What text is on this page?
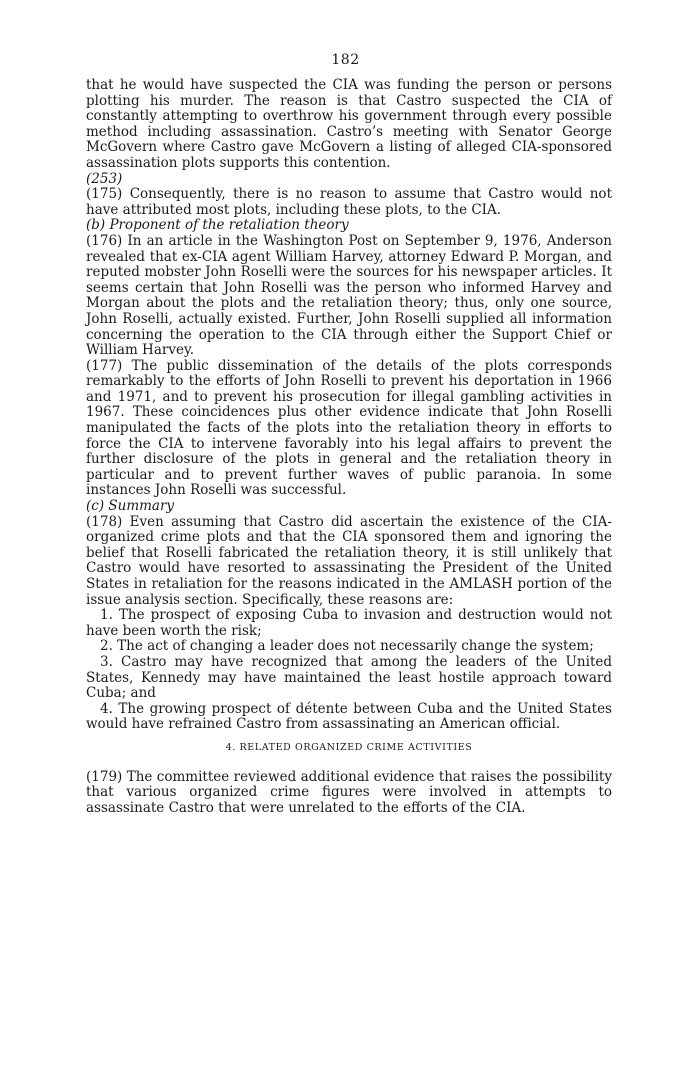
182

that he would have suspected the CIA was funding the person or persons plotting his murder. The reason is that Castro suspected the CIA of constantly attempting to overthrow his government through every possible method including assassination. Castro’s meeting with Senator George McGovern where Castro gave McGovern a listing of alleged CIA-sponsored assassination plots supports this contention.

(253)

(175) Consequently, there is no reason to assume that Castro would not have attributed most plots, including these plots, to the CIA.

(b) Proponent of the retaliation theory

(176) In an article in the Washington Post on September 9, 1976, Anderson revealed that ex-CIA agent William Harvey, attorney Edward P. Morgan, and reputed mobster John Roselli were the sources for his newspaper articles. It seems certain that John Roselli was the person who informed Harvey and Morgan about the plots and the retaliation theory; thus, only one source, John Roselli, actually existed. Further, John Roselli supplied all information concerning the operation to the CIA through either the Support Chief or William Harvey.

(177) The public dissemination of the details of the plots corresponds remarkably to the efforts of John Roselli to prevent his deportation in 1966 and 1971, and to prevent his prosecution for illegal gambling activities in 1967. These coincidences plus other evidence indicate that John Roselli manipulated the facts of the plots into the retaliation theory in efforts to force the CIA to intervene favorably into his legal affairs to prevent the further disclosure of the plots in general and the retaliation theory in particular and to prevent further waves of public paranoia. In some instances John Roselli was successful.

(c) Summary

(178) Even assuming that Castro did ascertain the existence of the CIA-organized crime plots and that the CIA sponsored them and ignoring the belief that Roselli fabricated the retaliation theory, it is still unlikely that Castro would have resorted to assassinating the President of the United States in retaliation for the reasons indicated in the AMLASH portion of the issue analysis section. Specifically, these reasons are:

1. The prospect of exposing Cuba to invasion and destruction would not have been worth the risk;

2. The act of changing a leader does not necessarily change the system;

3. Castro may have recognized that among the leaders of the United States, Kennedy may have maintained the least hostile approach toward Cuba; and

4. The growing prospect of détente between Cuba and the United States would have refrained Castro from assassinating an American official.

4. RELATED ORGANIZED CRIME ACTIVITIES

(179) The committee reviewed additional evidence that raises the possibility that various organized crime figures were involved in attempts to assassinate Castro that were unrelated to the efforts of the CIA.
